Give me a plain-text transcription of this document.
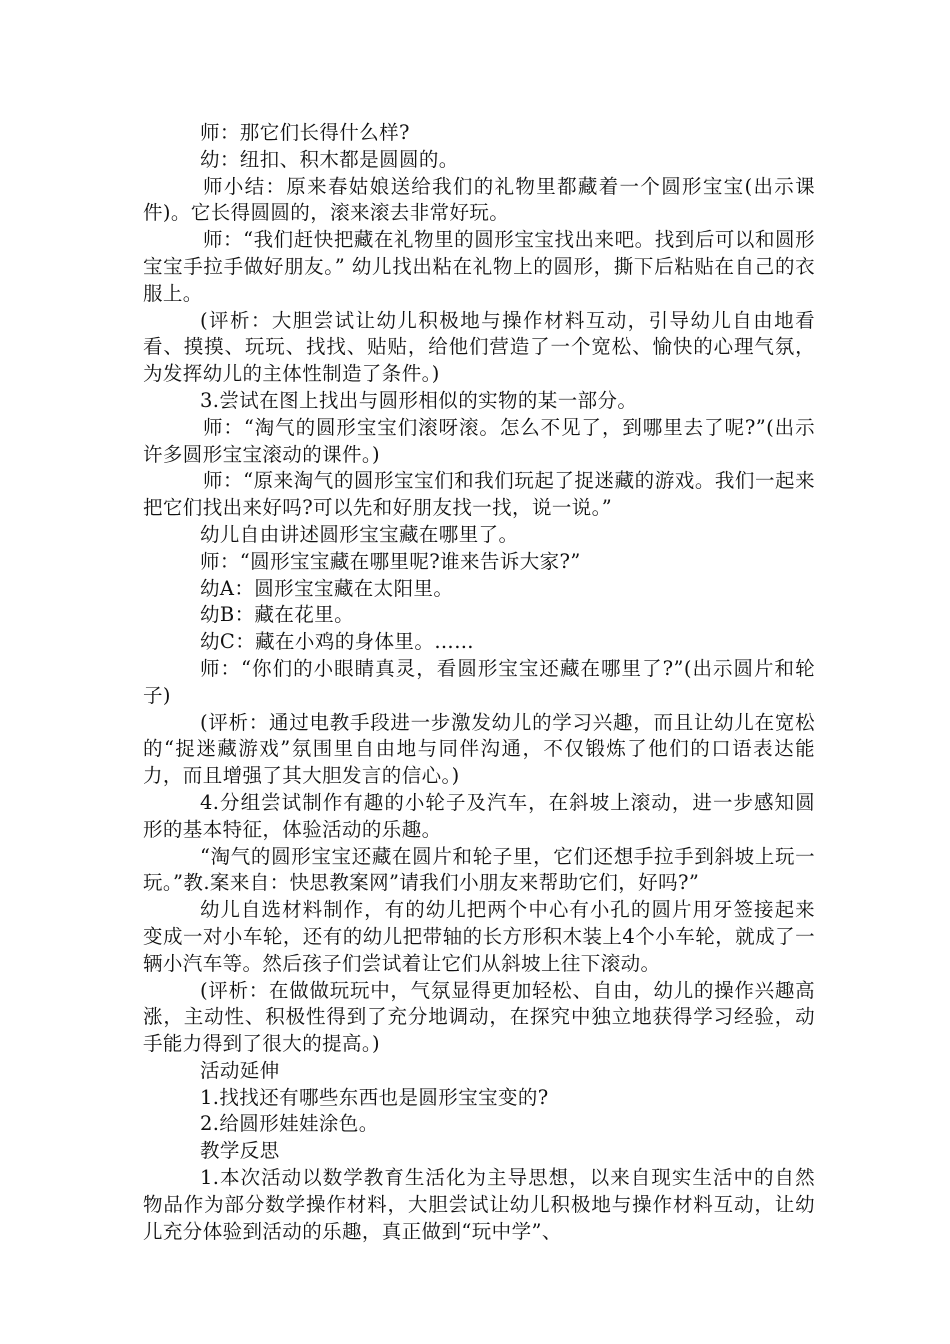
师：那它们长得什么样?

幼：纽扣、积木都是圆圆的。

师小结：原来春姑娘送给我们的礼物里都藏着一个圆形宝宝(出示课件)。它长得圆圆的，滚来滚去非常好玩。

师：“我们赶快把藏在礼物里的圆形宝宝找出来吧。找到后可以和圆形宝宝手拉手做好朋友。” 幼儿找出粘在礼物上的圆形，撕下后粘贴在自己的衣服上。

(评析：大胆尝试让幼儿积极地与操作材料互动，引导幼儿自由地看看、摸摸、玩玩、找找、贴贴，给他们营造了一个宽松、愉快的心理气氛，为发挥幼儿的主体性制造了条件。)

3.尝试在图上找出与圆形相似的实物的某一部分。

师：“淘气的圆形宝宝们滚呀滚。怎么不见了，到哪里去了呢?”(出示许多圆形宝宝滚动的课件。)

师：“原来淘气的圆形宝宝们和我们玩起了捉迷藏的游戏。我们一起来把它们找出来好吗?可以先和好朋友找一找，说一说。”

幼儿自由讲述圆形宝宝藏在哪里了。

师：“圆形宝宝藏在哪里呢?谁来告诉大家?”

幼A：圆形宝宝藏在太阳里。

幼B：藏在花里。

幼C：藏在小鸡的身体里。……

师：“你们的小眼睛真灵，看圆形宝宝还藏在哪里了?”(出示圆片和轮子)

(评析：通过电教手段进一步激发幼儿的学习兴趣，而且让幼儿在宽松的“捉迷藏游戏”氛围里自由地与同伴沟通，不仅锻炼了他们的口语表达能力，而且增强了其大胆发言的信心。)

4.分组尝试制作有趣的小轮子及汽车，在斜坡上滚动，进一步感知圆形的基本特征，体验活动的乐趣。

“淘气的圆形宝宝还藏在圆片和轮子里，它们还想手拉手到斜坡上玩一玩。”教.案来自：快思教案网”请我们小朋友来帮助它们，好吗?”

幼儿自选材料制作，有的幼儿把两个中心有小孔的圆片用牙签接起来变成一对小车轮，还有的幼儿把带轴的长方形积木装上4个小车轮，就成了一辆小汽车等。然后孩子们尝试着让它们从斜坡上往下滚动。

(评析：在做做玩玩中，气氛显得更加轻松、自由，幼儿的操作兴趣高涨，主动性、积极性得到了充分地调动，在探究中独立地获得学习经验，动手能力得到了很大的提高。)

活动延伸

1.找找还有哪些东西也是圆形宝宝变的?

2.给圆形娃娃涂色。

教学反思

1.本次活动以数学教育生活化为主导思想，以来自现实生活中的自然物品作为部分数学操作材料，大胆尝试让幼儿积极地与操作材料互动，让幼儿充分体验到活动的乐趣，真正做到“玩中学”、
